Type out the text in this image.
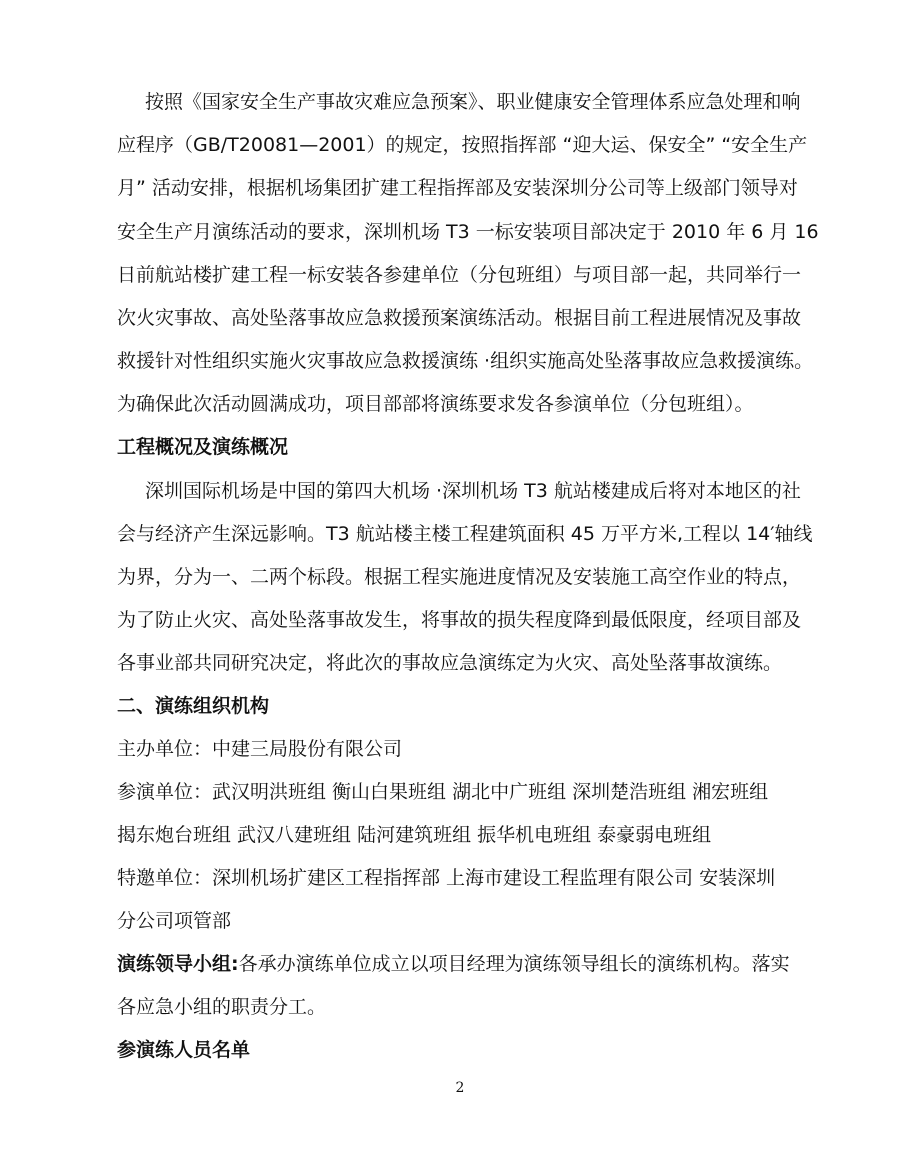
按照《国家安全生产事故灾难应急预案》、职业健康安全管理体系应急处理和响
应程序（GB/T20081—2001）的规定，按照指挥部 “迎大运、保安全” “安全生产
月” 活动安排，根据机场集团扩建工程指挥部及安装深圳分公司等上级部门领导对
安全生产月演练活动的要求，深圳机场 T3 一标安装项目部决定于 2010 年 6 月 16
日前航站楼扩建工程一标安装各参建单位（分包班组）与项目部一起，共同举行一
次火灾事故、高处坠落事故应急救援预案演练活动。根据目前工程进展情况及事故
救援针对性组织实施火灾事故应急救援演练 ·组织实施高处坠落事故应急救援演练。
为确保此次活动圆满成功，项目部部将演练要求发各参演单位（分包班组）。
工程概况及演练概况
深圳国际机场是中国的第四大机场 ·深圳机场 T3 航站楼建成后将对本地区的社
会与经济产生深远影响。T3 航站楼主楼工程建筑面积 45 万平方米,工程以 14′轴线
为界，分为一、二两个标段。根据工程实施进度情况及安装施工高空作业的特点，
为了防止火灾、高处坠落事故发生，将事故的损失程度降到最低限度，经项目部及
各事业部共同研究决定，将此次的事故应急演练定为火灾、高处坠落事故演练。
二、演练组织机构
主办单位：中建三局股份有限公司
参演单位：武汉明洪班组 衡山白果班组 湖北中广班组 深圳楚浩班组 湘宏班组
揭东炮台班组 武汉八建班组 陆河建筑班组 振华机电班组 泰豪弱电班组
特邀单位：深圳机场扩建区工程指挥部 上海市建设工程监理有限公司 安装深圳
分公司项管部
演练领导小组:各承办演练单位成立以项目经理为演练领导组长的演练机构。落实
各应急小组的职责分工。
参演练人员名单
2
